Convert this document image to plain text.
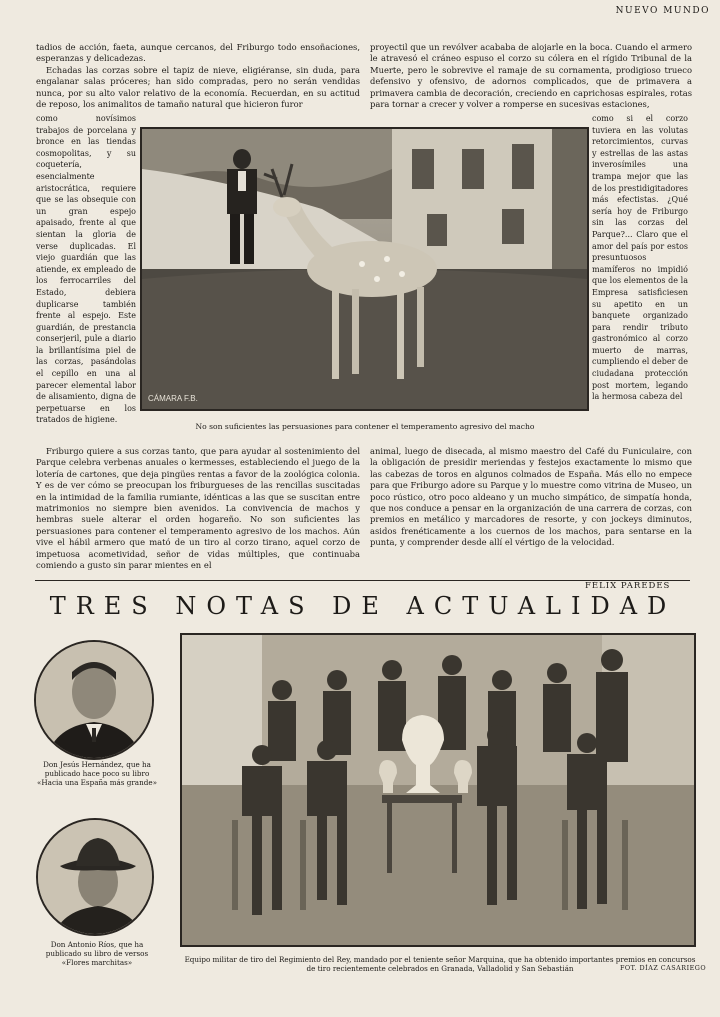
NUEVO MUNDO

tadios de acción, faeta, aunque cercanos, del Friburgo todo ensoñaciones, esperanzas y delicadezas.

Echadas las corzas sobre el tapiz de nieve, eligiéranse, sin duda, para engalanar salas próceres; han sido compradas, pero no serán vendidas nunca, por su alto valor relativo de la economía. Recuerdan, en su actitud de reposo, los animalitos de tamaño natural que hicieron furor

proyectil que un revólver acababa de alojarle en la boca. Cuando el armero le atravesó el cráneo espuso el corzo su cólera en el rígido Tribunal de la Muerte, pero le sobrevive el ramaje de su cornamenta, prodigioso trueco defensivo y ofensivo, de adornos complicados, que de primavera a primavera cambia de decoración, creciendo en caprichosas espirales, rotas para tornar a crecer y volver a romperse en sucesivas estaciones,

como novísimos trabajos de porcelana y bronce en las tiendas cosmopolitas, y su coquetería, esencialmente aristocrática, requiere que se las obsequie con un gran espejo apaisado, frente al que sientan la gloria de verse duplicadas. El viejo guardián que las atiende, ex empleado de los ferrocarriles del Estado, debiera duplicarse también frente al espejo. Este guardián, de prestancia conserjeril, pule a diario la brillantísima piel de las corzas, pasándolas el cepillo en una al parecer elemental labor de alisamiento, digna de perpetuarse en los tratados de higiene.

como si el corzo tuviera en las volutas retorcimientos, curvas y estrellas de las astas inverosímiles una trampa mejor que las de los prestidigitadores más efectistas. ¿Qué sería hoy de Friburgo sin las corzas del Parque?... Claro que el amor del país por estos presuntuosos mamíferos no impidió que los elementos de la Empresa satisficiesen su apetito en un banquete organizado para rendir tributo gastronómico al corzo muerto de marras, cumpliendo el deber de ciudadana protección post mortem, legando la hermosa cabeza del

CÁMARA F.B.
No son suficientes las persuasiones para contener el temperamento agresivo del macho

Friburgo quiere a sus corzas tanto, que para ayudar al sostenimiento del Parque celebra verbenas anuales o kermesses, estableciendo el juego de la lotería de cartones, que deja pingües rentas a favor de la zoológica colonia. Y es de ver cómo se preocupan los friburgueses de las rencillas suscitadas en la intimidad de la familia rumiante, idénticas a las que se suscitan entre matrimonios no siempre bien avenidos. La convivencia de machos y hembras suele alterar el orden hogareño. No son suficientes las persuasiones para contener el temperamento agresivo de los machos. Aún vive el hábil armero que mató de un tiro al corzo tirano, aquel corzo de impetuosa acometividad, señor de vidas múltiples, que continuaba comiendo a gusto sin parar mientes en el

animal, luego de disecada, al mismo maestro del Café du Funiculaire, con la obligación de presidir meriendas y festejos exactamente lo mismo que las cabezas de toros en algunos colmados de España. Más ello no empece para que Friburgo adore su Parque y lo muestre como vitrina de Museo, un poco rústico, otro poco aldeano y un mucho simpático, de simpatía honda, que nos conduce a pensar en la organización de una carrera de corzas, con premios en metálico y marcadores de resorte, y con jockeys diminutos, asidos frenéticamente a los cuernos de los machos, para sentarse en la punta, y comprender desde allí el vértigo de la velocidad.

FÉLIX PAREDES
TRES NOTAS DE ACTUALIDAD
Don Jesús Hernández, que ha publicado hace poco su libro «Hacia una España más grande»
Don Antonio Ríos, que ha publicado su libro de versos «Flores marchitas»	Equipo militar de tiro del Regimiento del Rey, mandado por el teniente señor Marquina, que ha obtenido importantes premios en concursos de tiro recientemente celebrados en Granada, Valladolid y San Sebastián	FOT. DÍAZ CASARIEGO
